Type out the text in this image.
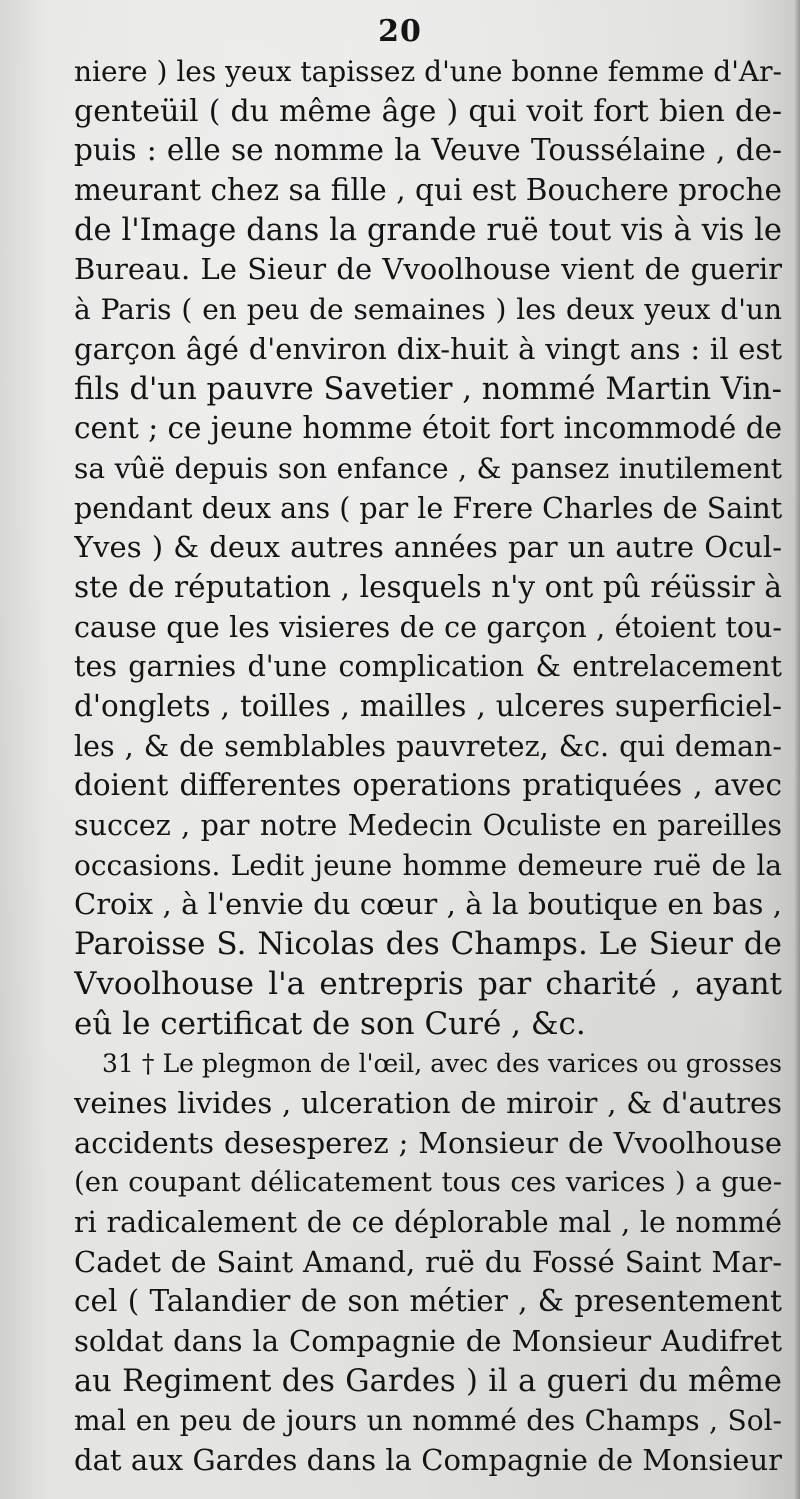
20
niere ) les yeux tapissez d'une bonne femme d'Ar-
genteüil ( du même âge ) qui voit fort bien de-
puis : elle se nomme la Veuve Toussélaine , de-
meurant chez sa fille , qui est Bouchere proche
de l'Image dans la grande ruë tout vis à vis le
Bureau. Le Sieur de Vvoolhouse vient de guerir
à Paris ( en peu de semaines ) les deux yeux d'un
garçon âgé d'environ dix-huit à vingt ans : il est
fils d'un pauvre Savetier , nommé Martin Vin-
cent ; ce jeune homme étoit fort incommodé de
sa vûë depuis son enfance , & pansez inutilement
pendant deux ans ( par le Frere Charles de Saint
Yves ) & deux autres années par un autre Ocul-
ste de réputation , lesquels n'y ont pû réüssir à
cause que les visieres de ce garçon , étoient tou-
tes garnies d'une complication & entrelacement
d'onglets , toilles , mailles , ulceres superficiel-
les , & de semblables pauvretez, &c. qui deman-
doient differentes operations pratiquées , avec
succez , par notre Medecin Oculiste en pareilles
occasions. Ledit jeune homme demeure ruë de la
Croix , à l'envie du cœur , à la boutique en bas ,
Paroisse S. Nicolas des Champs. Le Sieur de
Vvoolhouse l'a entrepris par charité , ayant
eû le certificat de son Curé , &c.
31 † Le plegmon de l'œil, avec des varices ou grosses
veines livides , ulceration de miroir , & d'autres
accidents desesperez ; Monsieur de Vvoolhouse
(en coupant délicatement tous ces varices ) a gue-
ri radicalement de ce déplorable mal , le nommé
Cadet de Saint Amand, ruë du Fossé Saint Mar-
cel ( Talandier de son métier , & presentement
soldat dans la Compagnie de Monsieur Audifret
au Regiment des Gardes ) il a gueri du même
mal en peu de jours un nommé des Champs , Sol-
dat aux Gardes dans la Compagnie de Monsieur
